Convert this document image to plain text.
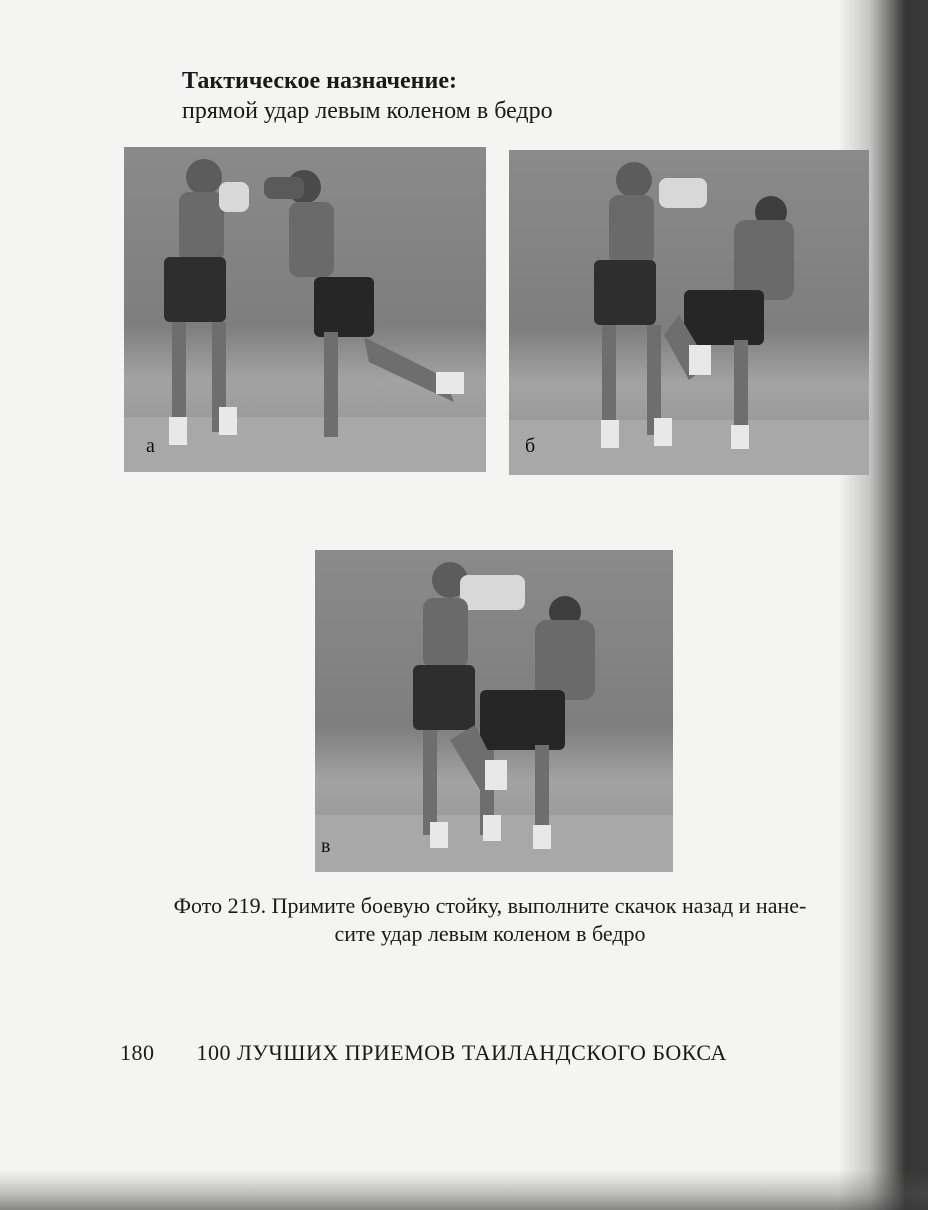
Тактическое назначение:
прямой удар левым коленом в бедро
а	б
в
Фото 219. Примите боевую стойку, выполните скачок назад и нане-
сите удар левым коленом в бедро
180 100 ЛУЧШИХ ПРИЕМОВ ТАИЛАНДСКОГО БОКСА
